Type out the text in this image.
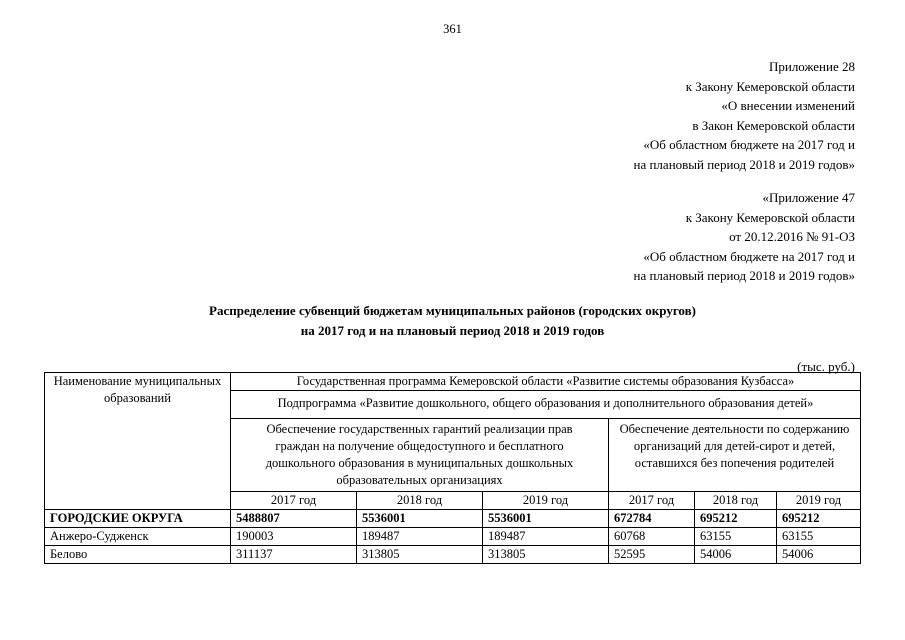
361
Приложение 28
к Закону Кемеровской области
«О внесении изменений
в Закон Кемеровской области
«Об областном бюджете на 2017 год и
на плановый период 2018 и 2019 годов»
«Приложение 47
к Закону Кемеровской области
от 20.12.2016 № 91-ОЗ
«Об областном бюджете на 2017 год и
на плановый период 2018 и 2019 годов»
Распределение субвенций бюджетам муниципальных районов (городских округов)
на 2017 год и на плановый период 2018 и 2019 годов
(тыс. руб.)
Наименование муниципальных образований	Государственная программа Кемеровской области «Развитие системы образования Кузбасса»					
	Подпрограмма «Развитие дошкольного, общего образования и дополнительного образования детей»					
	Обеспечение государственных гарантий реализации прав граждан на получение общедоступного и бесплатного дошкольного образования в муниципальных дошкольных образовательных организациях			Обеспечение деятельности по содержанию организаций для детей-сирот и детей, оставшихся без попечения родителей		
	2017 год	2018 год	2019 год	2017 год	2018 год	2019 год
ГОРОДСКИЕ ОКРУГА	5488807	5536001	5536001	672784	695212	695212
Анжеро-Судженск	190003	189487	189487	60768	63155	63155
Белово	311137	313805	313805	52595	54006	54006
